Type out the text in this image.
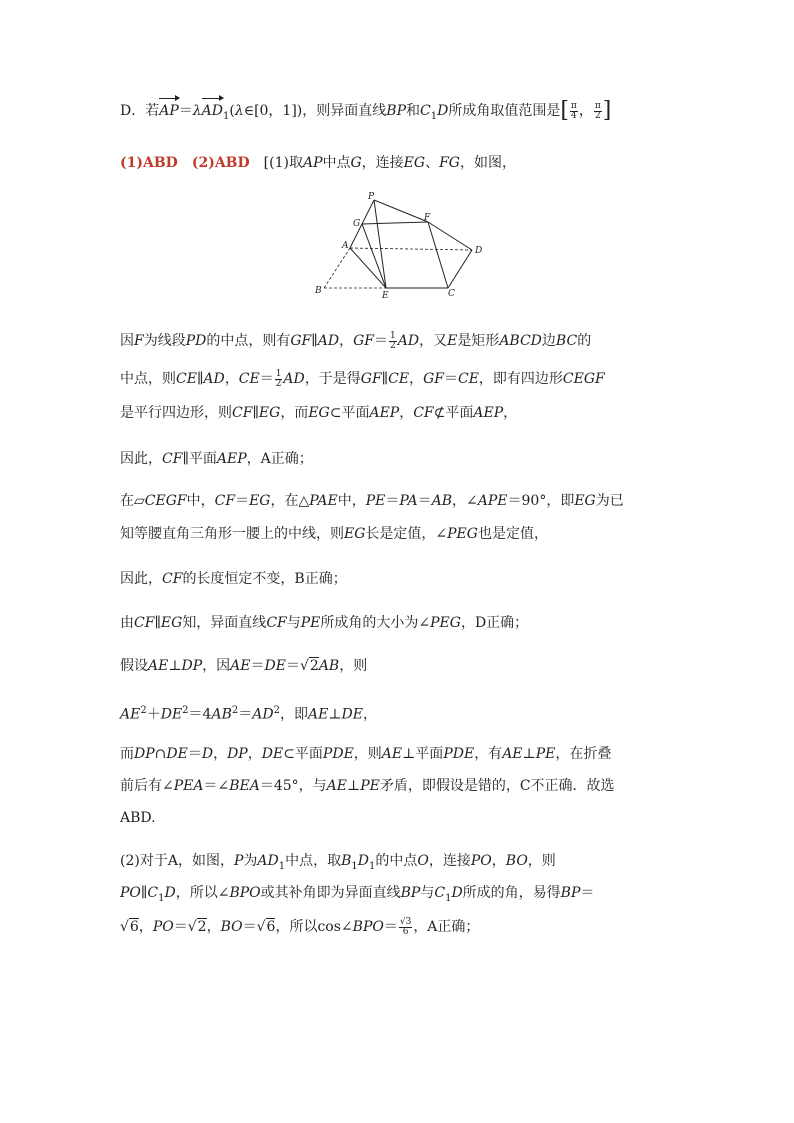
D．若AP＝λAD$_1$(λ∈[0，1])，则异面直线BP和$C_1D$所成角取值范围是[ $\frac{\pi}{4}$ ， $\frac{\pi}{2}$ ]
(1)ABD　(2)ABD　[(1)取AP中点G，连接EG、FG，如图，
P
G
F
A	D
B	E	C
因F为线段PD的中点，则有GF∥AD，$GF= \frac{1}{2}$ AD，又E是矩形ABCD边BC的
中点，则CE∥AD，$CE= \frac{1}{2}$ AD，于是得GF∥CE，GF＝CE，即有四边形CEGF
是平行四边形，则CF∥EG，而EG⊂平面AEP，CF⊄平面AEP，
因此，CF∥平面AEP，A正确；
在▱CEGF中，CF＝EG，在△PAE中，PE＝PA＝AB，∠APE＝90°，即EG为已
知等腰直角三角形一腰上的中线，则EG长是定值，∠PEG也是定值，
因此，CF的长度恒定不变，B正确；
由CF∥EG知，异面直线CF与PE所成角的大小为∠PEG，D正确；
假设AE⊥DP，因AE＝DE＝√2AB，则
$AE^2+DE^2=4AB^2=AD^2$，即AE⊥DE，
而DP∩DE＝D，DP，DE⊂平面PDE，则AE⊥平面PDE，有AE⊥PE，在折叠
前后有∠PEA＝∠BEA＝45°，与AE⊥PE矛盾，即假设是错的，C不正确．故选
ABD.
(2)对于A，如图，P为$AD_1$中点，取$B_1D_1$的中点O，连接PO，BO，则
$PO\parallel C_1D$，所以∠BPO或其补角即为异面直线BP与$C_1D$所成的角，易得BP＝
√6，PO＝√2，BO＝√6，所以cos∠BPO＝ $\frac{√3}{6}$ ，A正确；
